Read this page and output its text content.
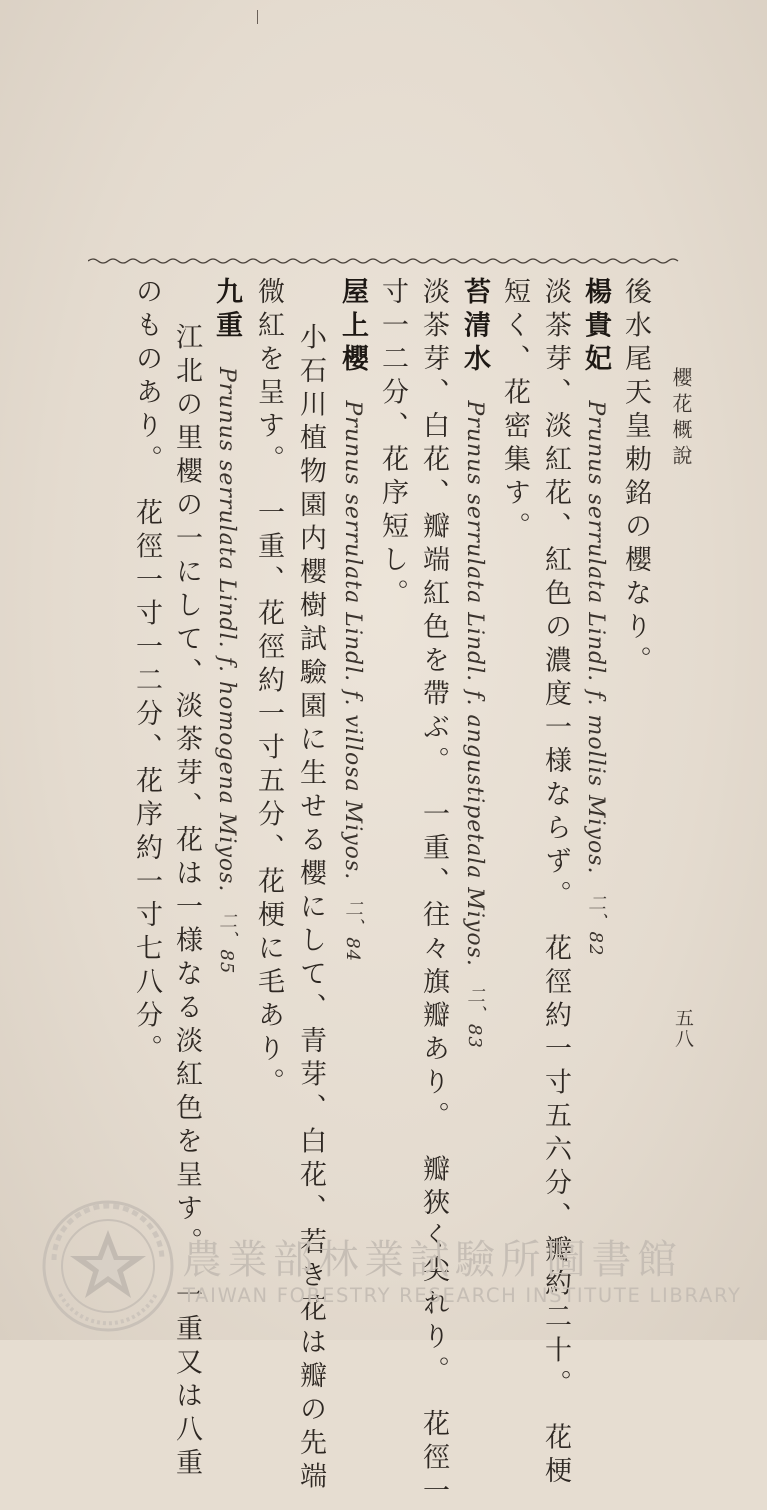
櫻花概說
後水尾天皇勅銘の櫻なり。
楊貴妃　Prunus serrulata Lindl. f. mollis Miyos.　二、82
淡茶芽、淡紅花、紅色の濃度一様ならず。　花徑約一寸五六分、瓣約二十。　花梗
短く、花密集す。
苔清水　Prunus serrulata Lindl. f. angustipetala Miyos.　二、83
淡茶芽、白花、瓣端紅色を帶ぶ。　一重、往々旗瓣あり。　瓣狹く尖れり。　花徑一
寸一二分、花序短し。
屋上櫻　Prunus serrulata Lindl. f. villosa Miyos.　二、84
　小石川植物園内櫻樹試驗園に生せる櫻にして、青芽、白花、若き花は瓣の先端
微紅を呈す。　一重、花徑約一寸五分、花梗に毛あり。
九重　Prunus serrulata Lindl. f. homogena Miyos.　二、85
　江北の里櫻の一にして、淡茶芽、花は一様なる淡紅色を呈す。　一重又は八重
のものあり。　花徑一寸一二分、花序約一寸七八分。	五八
農業部林業試驗所圖書館
TAIWAN FORESTRY RESEARCH INSTITUTE LIBRARY
